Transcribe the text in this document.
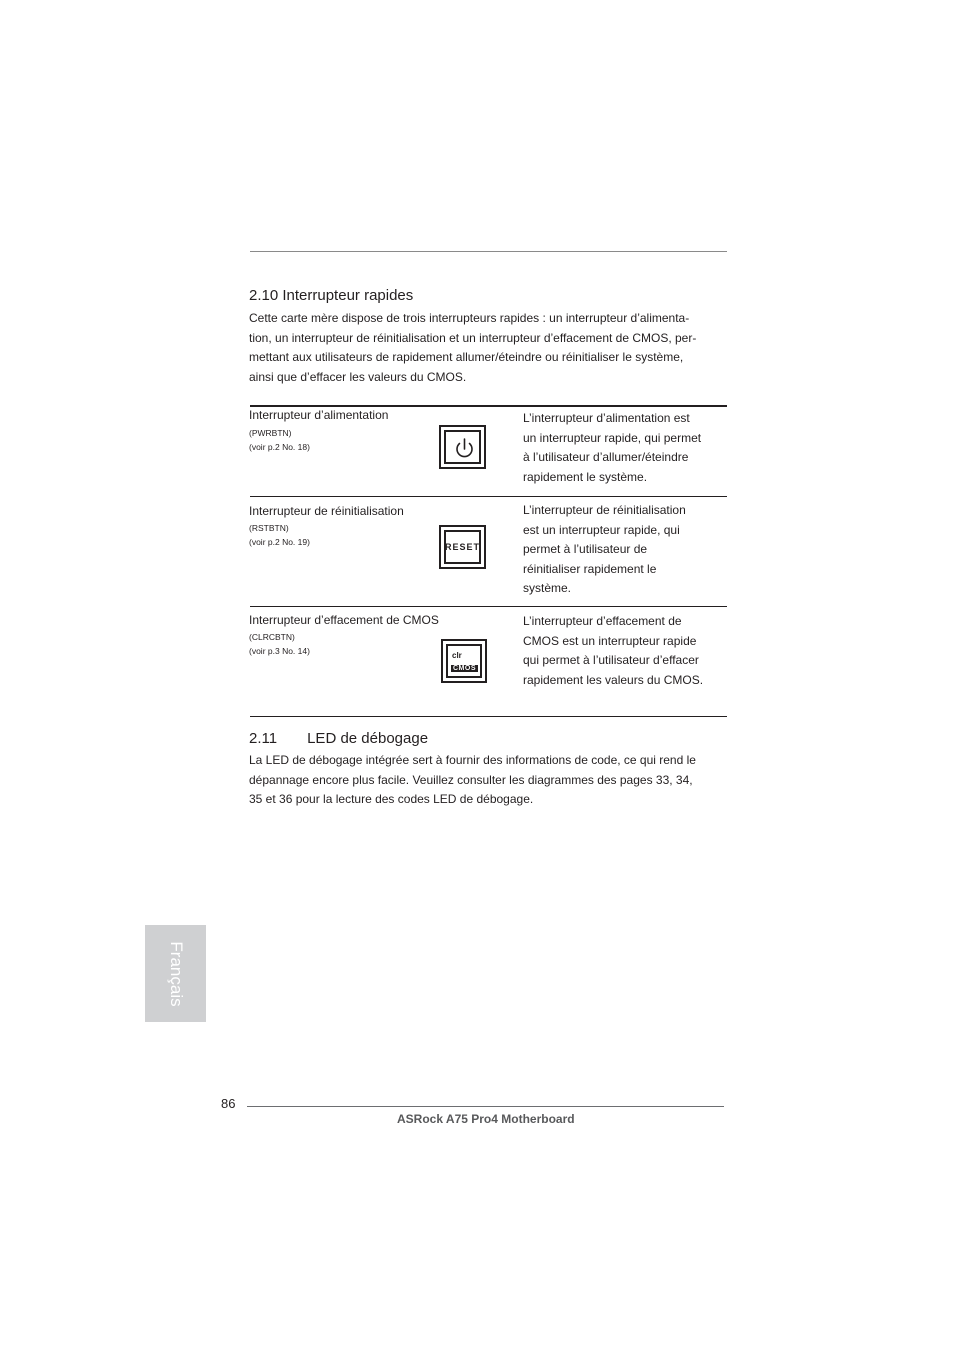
2.10 Interrupteur rapides
Cette carte mère dispose de trois interrupteurs rapides : un interrupteur d’alimenta-
tion, un interrupteur de réinitialisation et un interrupteur d’effacement de CMOS, per-
mettant aux utilisateurs de rapidement allumer/éteindre ou réinitialiser le système,
ainsi que d’effacer les valeurs du CMOS.
Interrupteur d’alimentation
(PWRBTN)
(voir p.2 No. 18)
L’interrupteur d’alimentation est
un interrupteur rapide, qui permet
à l’utilisateur d’allumer/éteindre
rapidement le système.
Interrupteur de réinitialisation
(RSTBTN)
(voir p.2 No. 19)	RESET
L’interrupteur de réinitialisation
est un interrupteur rapide, qui
permet à l’utilisateur de
réinitialiser rapidement le
système.
Interrupteur d’effacement de CMOS
(CLRCBTN)
(voir p.3 No. 14)	clr
CMOS
L’interrupteur d’effacement de
CMOS est un interrupteur rapide
qui permet à l’utilisateur d’effacer
rapidement les valeurs du CMOS.
2.11 LED de débogage
La LED de débogage intégrée sert à fournir des informations de code, ce qui rend le
dépannage encore plus facile. Veuillez consulter les diagrammes des pages 33, 34,
35 et 36 pour la lecture des codes LED de débogage.
Français
86
ASRock A75 Pro4 Motherboard
